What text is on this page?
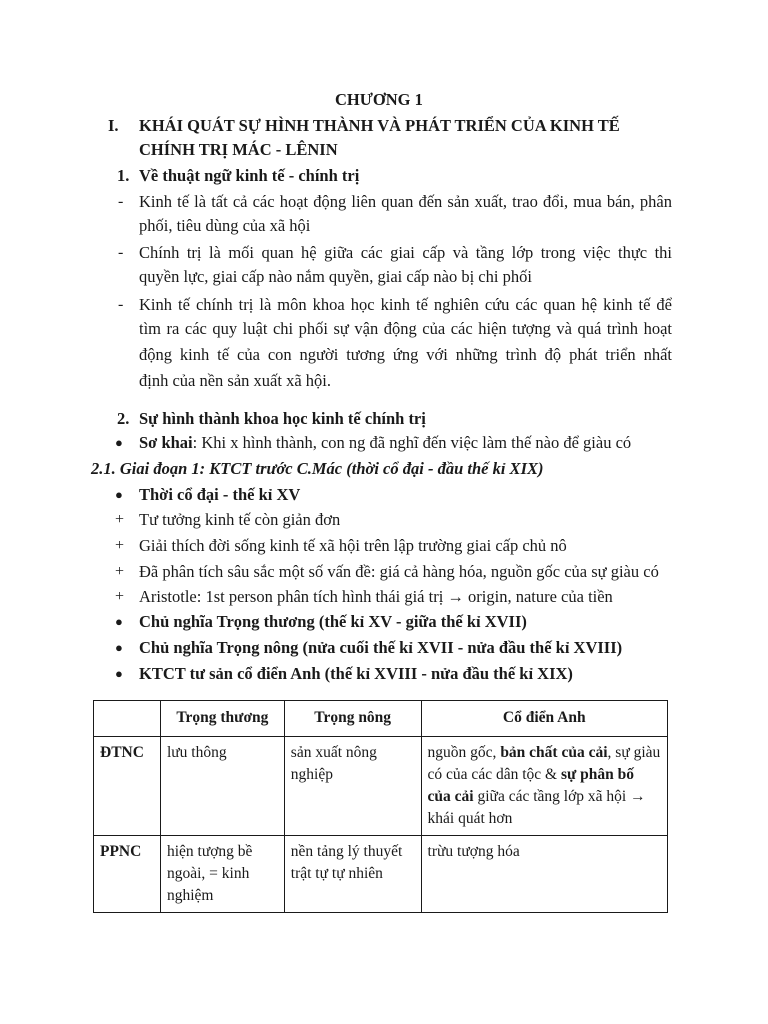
CHƯƠNG 1
I. KHÁI QUÁT SỰ HÌNH THÀNH VÀ PHÁT TRIỂN CỦA KINH TẾ
CHÍNH TRỊ MÁC - LÊNIN
1. Về thuật ngữ kinh tế - chính trị
- Kinh tế là tất cả các hoạt động liên quan đến sản xuất, trao đổi, mua bán, phân
phối, tiêu dùng của xã hội
- Chính trị là mối quan hệ giữa các giai cấp và tầng lớp trong việc thực thi
quyền lực, giai cấp nào nắm quyền, giai cấp nào bị chi phối
- Kinh tế chính trị là môn khoa học kinh tế nghiên cứu các quan hệ kinh tế để
tìm ra các quy luật chi phối sự vận động của các hiện tượng và quá trình hoạt
động kinh tế của con người tương ứng với những trình độ phát triển nhất
định của nền sản xuất xã hội.
2. Sự hình thành khoa học kinh tế chính trị
● Sơ khai: Khi x hình thành, con ng đã nghĩ đến việc làm thế nào để giàu có
2.1. Giai đoạn 1: KTCT trước C.Mác (thời cổ đại - đầu thế kỉ XIX)
● Thời cổ đại - thế kỉ XV
+ Tư tưởng kinh tế còn giản đơn
+ Giải thích đời sống kinh tế xã hội trên lập trường giai cấp chủ nô
+ Đã phân tích sâu sắc một số vấn đề: giá cả hàng hóa, nguồn gốc của sự giàu có
+ Aristotle: 1st person phân tích hình thái giá trị → origin, nature của tiền
● Chủ nghĩa Trọng thương (thế kỉ XV - giữa thế kỉ XVII)
● Chủ nghĩa Trọng nông (nửa cuối thế kỉ XVII - nửa đầu thế kỉ XVIII)
● KTCT tư sản cổ điển Anh (thế kỉ XVIII - nửa đầu thế kỉ XIX)
	Trọng thương	Trọng nông	Cổ điển Anh
ĐTNC	lưu thông	sản xuất nông nghiệp	nguồn gốc, bản chất của cải, sự giàu có của các dân tộc & sự phân bố của cải giữa các tầng lớp xã hội → khái quát hơn
PPNC	hiện tượng bề ngoài, = kinh nghiệm	nền tảng lý thuyết trật tự tự nhiên	trừu tượng hóa
